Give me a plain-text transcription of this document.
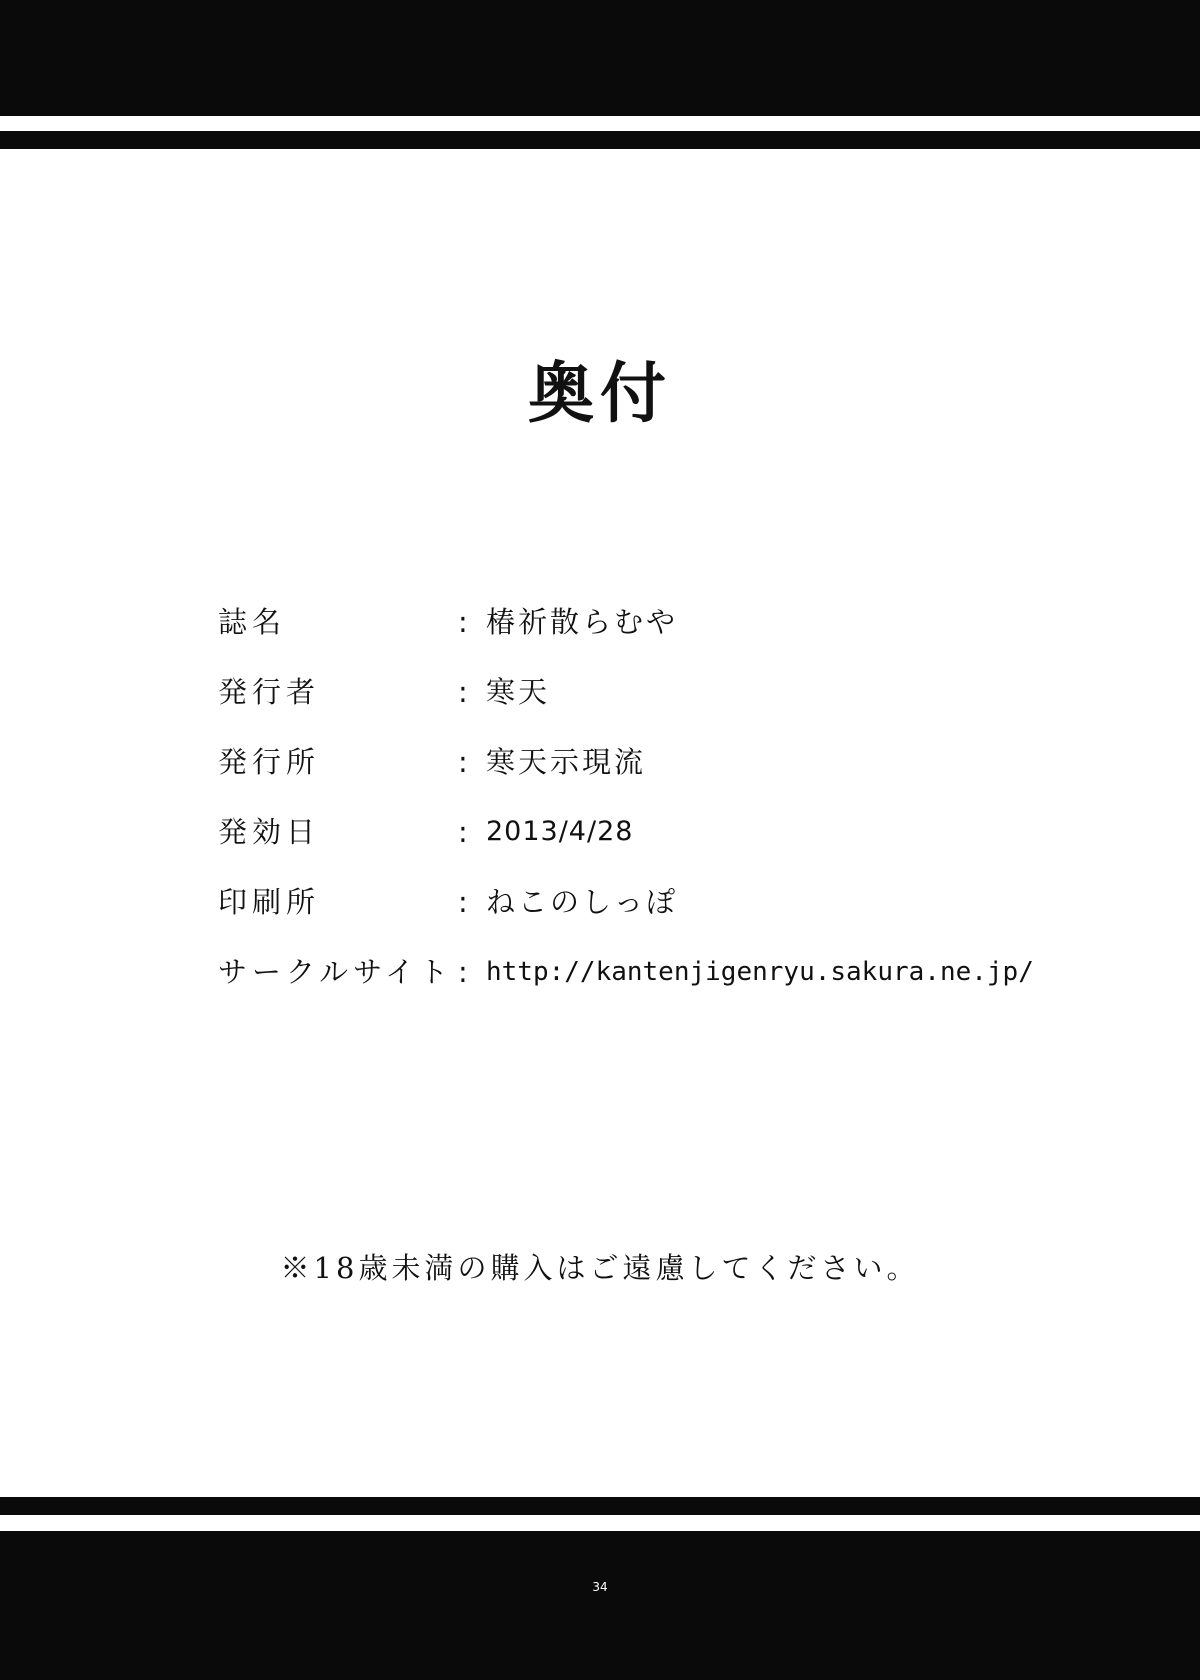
奥付
誌名	: 椿祈散らむや
発行者	: 寒天
発行所	: 寒天示現流
発効日	: 2013/4/28
印刷所	: ねこのしっぽ
サークルサイト : http://kantenjigenryu.sakura.ne.jp/
※18歳未満の購入はご遠慮してください。
34
